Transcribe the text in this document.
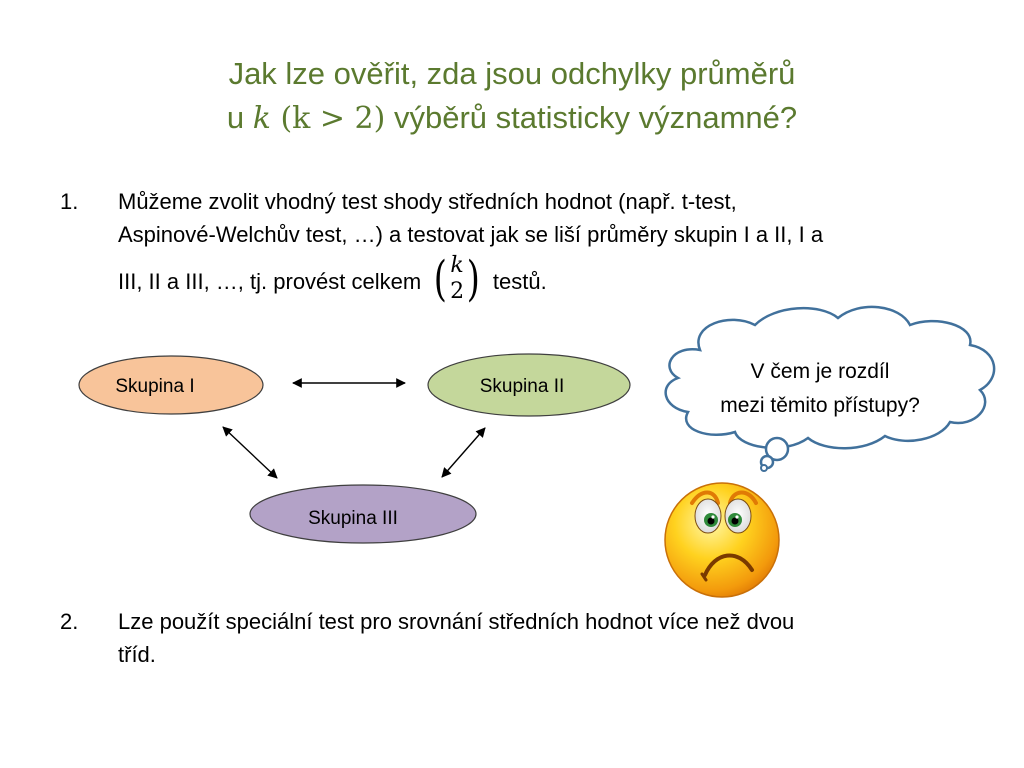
Jak lze ověřit, zda jsou odchylky průměrů
u k (k > 2) výběrů statisticky významné?
1. Můžeme zvolit vhodný test shody středních hodnot (např. t-test,
Aspinové-Welchův test, …) a testovat jak se liší průměry skupin I a II, I a
III, II a III, …, tj. provést celkem ( k
2 ) testů.
Skupina I	Skupina II
Skupina III
V čem je rozdíl
mezi těmito přístupy?
2. Lze použít speciální test pro srovnání středních hodnot více než dvou
tříd.
